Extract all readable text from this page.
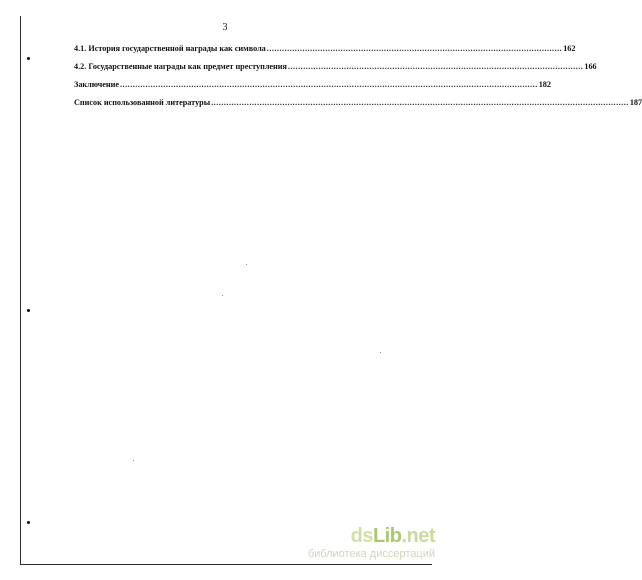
3
4.1. История государственной награды как символа .................................................................................................................... 162
4.2. Государственные награды как предмет преступления .................................................................................................................... 166
Заключение .................................................................................................................................................................... 182
Список использованной литературы .................................................................................................................................................................... 187
dsLib.net
библиотека диссертаций
